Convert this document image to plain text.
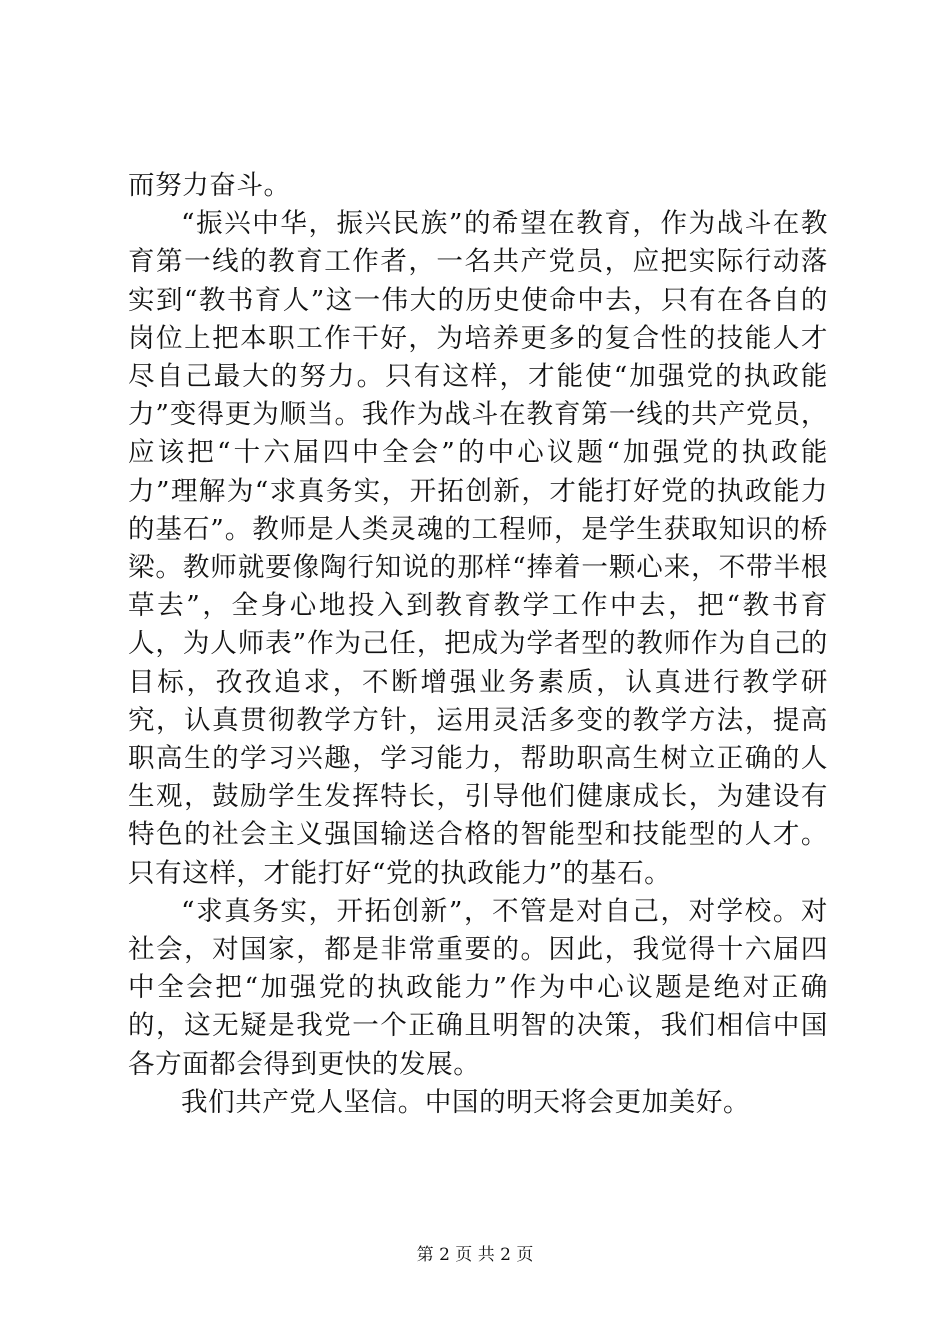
而努力奋斗。

“振兴中华，振兴民族”的希望在教育，作为战斗在教育第一线的教育工作者，一名共产党员，应把实际行动落实到“教书育人”这一伟大的历史使命中去，只有在各自的岗位上把本职工作干好，为培养更多的复合性的技能人才尽自己最大的努力。只有这样，才能使“加强党的执政能力”变得更为顺当。我作为战斗在教育第一线的共产党员，应该把“十六届四中全会”的中心议题“加强党的执政能力”理解为“求真务实，开拓创新，才能打好党的执政能力的基石”。教师是人类灵魂的工程师，是学生获取知识的桥梁。教师就要像陶行知说的那样“捧着一颗心来，不带半根草去”，全身心地投入到教育教学工作中去，把“教书育人，为人师表”作为己任，把成为学者型的教师作为自己的目标，孜孜追求，不断增强业务素质，认真进行教学研究，认真贯彻教学方针，运用灵活多变的教学方法，提高职高生的学习兴趣，学习能力，帮助职高生树立正确的人生观，鼓励学生发挥特长，引导他们健康成长，为建设有特色的社会主义强国输送合格的智能型和技能型的人才。只有这样，才能打好“党的执政能力”的基石。

“求真务实，开拓创新”，不管是对自己，对学校。对社会，对国家，都是非常重要的。因此，我觉得十六届四中全会把“加强党的执政能力”作为中心议题是绝对正确的，这无疑是我党一个正确且明智的决策，我们相信中国各方面都会得到更快的发展。

我们共产党人坚信。中国的明天将会更加美好。

第 2 页 共 2 页
